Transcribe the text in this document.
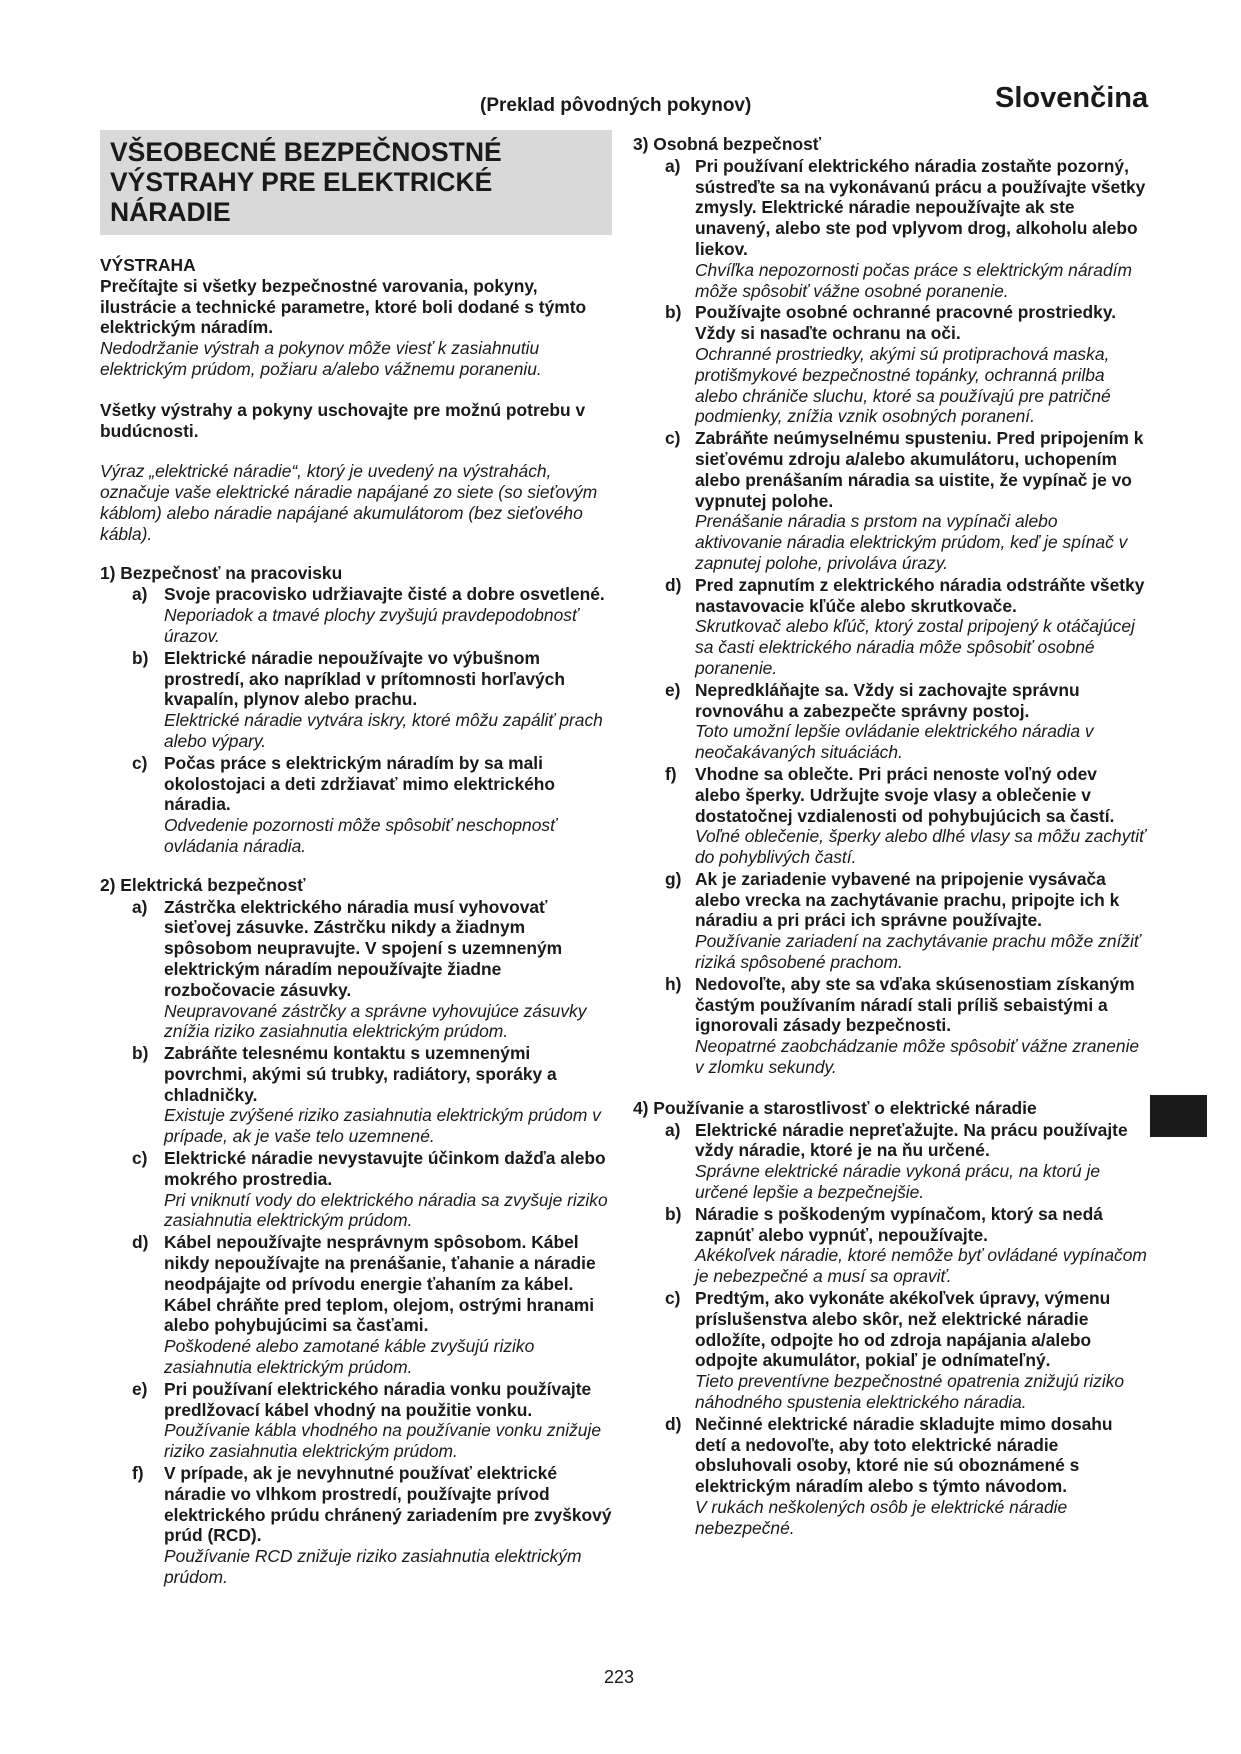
(Preklad pôvodných pokynov)	Slovenčina
223
VŠEOBECNÉ BEZPEČNOSTNÉ VÝSTRAHY PRE ELEKTRICKÉ NÁRADIE
VÝSTRAHA
Prečítajte si všetky bezpečnostné varovania, pokyny, ilustrácie a technické parametre, ktoré boli dodané s týmto elektrickým náradím.
Nedodržanie výstrah a pokynov môže viesť k zasiahnutiu elektrickým prúdom, požiaru a/alebo vážnemu poraneniu.
Všetky výstrahy a pokyny uschovajte pre možnú potrebu v budúcnosti.
Výraz „elektrické náradie“, ktorý je uvedený na výstrahách, označuje vaše elektrické náradie napájané zo siete (so sieťovým káblom) alebo náradie napájané akumulátorom (bez sieťového kábla).
1) Bezpečnosť na pracovisku
a) Svoje pracovisko udržiavajte čisté a dobre osvetlené.
Neporiadok a tmavé plochy zvyšujú pravdepodobnosť úrazov.
b) Elektrické náradie nepoužívajte vo výbušnom prostredí, ako napríklad v prítomnosti horľavých kvapalín, plynov alebo prachu.
Elektrické náradie vytvára iskry, ktoré môžu zapáliť prach alebo výpary.
c) Počas práce s elektrickým náradím by sa mali okolostojaci a deti zdržiavať mimo elektrického náradia.
Odvedenie pozornosti môže spôsobiť neschopnosť ovládania náradia.
2) Elektrická bezpečnosť
a) Zástrčka elektrického náradia musí vyhovovať sieťovej zásuvke. Zástrčku nikdy a žiadnym spôsobom neupravujte. V spojení s uzemneným elektrickým náradím nepoužívajte žiadne rozbočovacie zásuvky.
Neupravované zástrčky a správne vyhovujúce zásuvky znížia riziko zasiahnutia elektrickým prúdom.
b) Zabráňte telesnému kontaktu s uzemnenými povrchmi, akými sú trubky, radiátory, sporáky a chladničky.
Existuje zvýšené riziko zasiahnutia elektrickým prúdom v prípade, ak je vaše telo uzemnené.
c) Elektrické náradie nevystavujte účinkom dažďa alebo mokrého prostredia.
Pri vniknutí vody do elektrického náradia sa zvyšuje riziko zasiahnutia elektrickým prúdom.
d) Kábel nepoužívajte nesprávnym spôsobom. Kábel nikdy nepoužívajte na prenášanie, ťahanie a náradie neodpájajte od prívodu energie ťahaním za kábel. Kábel chráňte pred teplom, olejom, ostrými hranami alebo pohybujúcimi sa časťami.
Poškodené alebo zamotané káble zvyšujú riziko zasiahnutia elektrickým prúdom.
e) Pri používaní elektrického náradia vonku používajte predlžovací kábel vhodný na použitie vonku.
Používanie kábla vhodného na používanie vonku znižuje riziko zasiahnutia elektrickým prúdom.
f) V prípade, ak je nevyhnutné používať elektrické náradie vo vlhkom prostredí, používajte prívod elektrického prúdu chránený zariadením pre zvyškový prúd (RCD).
Používanie RCD znižuje riziko zasiahnutia elektrickým prúdom.
3) Osobná bezpečnosť
a) Pri používaní elektrického náradia zostaňte pozorný, sústreďte sa na vykonávanú prácu a používajte všetky zmysly. Elektrické náradie nepoužívajte ak ste unavený, alebo ste pod vplyvom drog, alkoholu alebo liekov.
Chvíľka nepozornosti počas práce s elektrickým náradím môže spôsobiť vážne osobné poranenie.
b) Používajte osobné ochranné pracovné prostriedky. Vždy si nasaďte ochranu na oči.
Ochranné prostriedky, akými sú protiprachová maska, protišmykové bezpečnostné topánky, ochranná prilba alebo chrániče sluchu, ktoré sa používajú pre patričné podmienky, znížia vznik osobných poranení.
c) Zabráňte neúmyselnému spusteniu. Pred pripojením k sieťovému zdroju a/alebo akumulátoru, uchopením alebo prenášaním náradia sa uistite, že vypínač je vo vypnutej polohe.
Prenášanie náradia s prstom na vypínači alebo aktivovanie náradia elektrickým prúdom, keď je spínač v zapnutej polohe, privoláva úrazy.
d) Pred zapnutím z elektrického náradia odstráňte všetky nastavovacie kľúče alebo skrutkovače.
Skrutkovač alebo kľúč, ktorý zostal pripojený k otáčajúcej sa časti elektrického náradia môže spôsobiť osobné poranenie.
e) Nepredkláňajte sa. Vždy si zachovajte správnu rovnováhu a zabezpečte správny postoj.
Toto umožní lepšie ovládanie elektrického náradia v neočakávaných situáciách.
f) Vhodne sa oblečte. Pri práci nenoste voľný odev alebo šperky. Udržujte svoje vlasy a oblečenie v dostatočnej vzdialenosti od pohybujúcich sa častí.
Voľné oblečenie, šperky alebo dlhé vlasy sa môžu zachytiť do pohyblivých častí.
g) Ak je zariadenie vybavené na pripojenie vysávača alebo vrecka na zachytávanie prachu, pripojte ich k náradiu a pri práci ich správne používajte.
Používanie zariadení na zachytávanie prachu môže znížiť riziká spôsobené prachom.
h) Nedovoľte, aby ste sa vďaka skúsenostiam získaným častým používaním náradí stali príliš sebaistými a ignorovali zásady bezpečnosti.
Neopatrné zaobchádzanie môže spôsobiť vážne zranenie v zlomku sekundy.
4) Používanie a starostlivosť o elektrické náradie
a) Elektrické náradie nepreťažujte. Na prácu používajte vždy náradie, ktoré je na ňu určené.
Správne elektrické náradie vykoná prácu, na ktorú je určené lepšie a bezpečnejšie.
b) Náradie s poškodeným vypínačom, ktorý sa nedá zapnúť alebo vypnúť, nepoužívajte.
Akékoľvek náradie, ktoré nemôže byť ovládané vypínačom je nebezpečné a musí sa opraviť.
c) Predtým, ako vykonáte akékoľvek úpravy, výmenu príslušenstva alebo skôr, než elektrické náradie odložíte, odpojte ho od zdroja napájania a/alebo odpojte akumulátor, pokiaľ je odnímateľný.
Tieto preventívne bezpečnostné opatrenia znižujú riziko náhodného spustenia elektrického náradia.
d) Nečinné elektrické náradie skladujte mimo dosahu detí a nedovoľte, aby toto elektrické náradie obsluhovali osoby, ktoré nie sú oboznámené s elektrickým náradím alebo s týmto návodom.
V rukách neškolených osôb je elektrické náradie nebezpečné.
